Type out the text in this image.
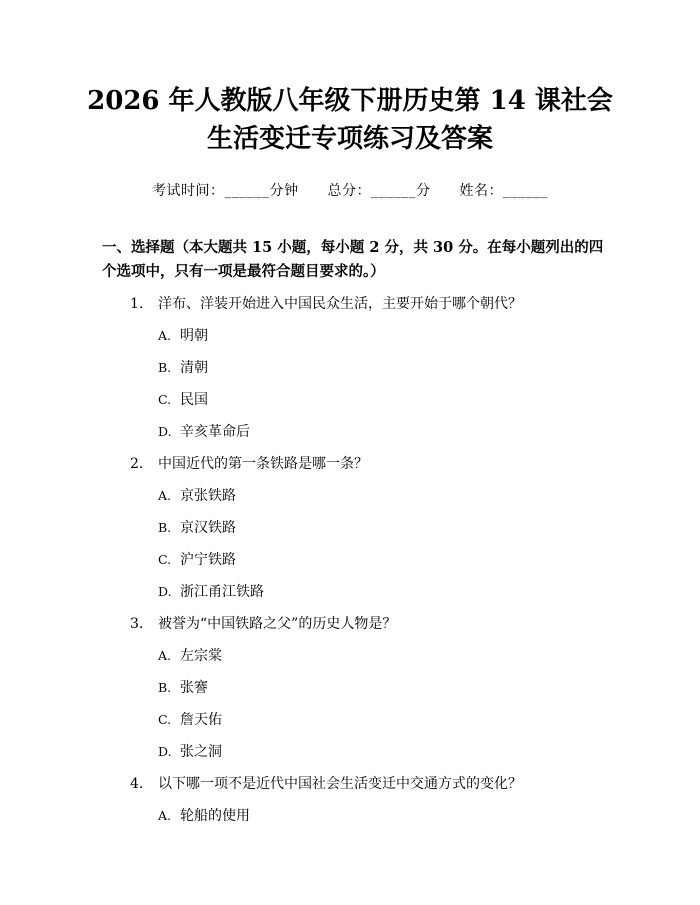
2026 年人教版八年级下册历史第 14 课社会
生活变迁专项练习及答案
考试时间：______分钟 总分：______分 姓名：______
一、选择题（本大题共 15 小题，每小题 2 分，共 30 分。在每小题列出的四个选项中，只有一项是最符合题目要求的。）
1.	洋布、洋装开始进入中国民众生活，主要开始于哪个朝代？
A. 明朝
B. 清朝
C. 民国
D. 辛亥革命后
2.	中国近代的第一条铁路是哪一条？
A. 京张铁路
B. 京汉铁路
C. 沪宁铁路
D. 浙江甬江铁路
3.	被誉为“中国铁路之父”的历史人物是？
A. 左宗棠
B. 张謇
C. 詹天佑
D. 张之洞
4.	以下哪一项不是近代中国社会生活变迁中交通方式的变化？
A. 轮船的使用
